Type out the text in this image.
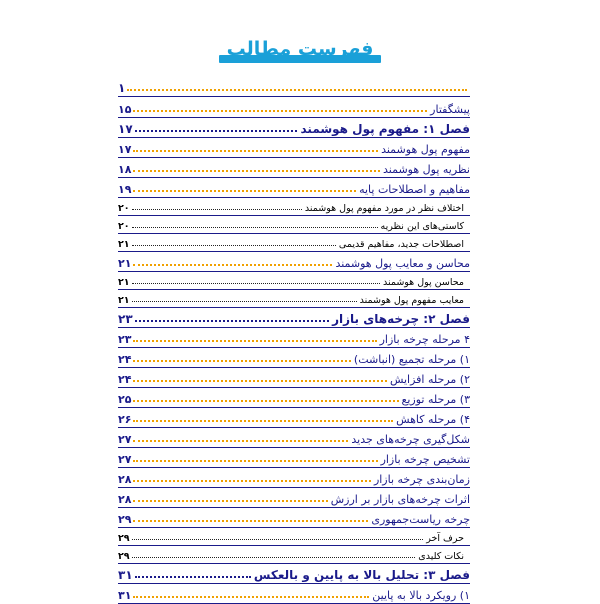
فهرست مطالب
۱
پیشگفتار
۱۵
فصل ۱: مفهوم پول هوشمند
۱۷
مفهوم پول هوشمند
۱۷
نظریه پول هوشمند
۱۸
مفاهیم و اصطلاحات پایه
۱۹
اختلاف نظر در مورد مفهوم پول هوشمند
۲۰
کاستی‌های این نظریه
۲۰
اصطلاحات جدید، مفاهیم قدیمی
۲۱
محاسن و معایب پول هوشمند
۲۱
محاسن پول هوشمند
۲۱
معایب مفهوم پول هوشمند
۲۱
فصل ۲: چرخه‌های بازار
۲۳
۴ مرحله چرخه بازار
۲۳
۱) مرحله تجمیع (انباشت)
۲۴
۲) مرحله افزایش
۲۴
۳) مرحله توزیع
۲۵
۴) مرحله کاهش
۲۶
شکل‌گیری چرخه‌های جدید
۲۷
تشخیص چرخه بازار
۲۷
زمان‌بندی چرخه بازار
۲۸
اثرات چرخه‌های بازار بر ارزش
۲۸
چرخه ریاست‌جمهوری
۲۹
حرف آخر
۲۹
نکات کلیدی
۲۹
فصل ۳: تحلیل بالا به پایین و بالعکس
۳۱
۱) رویکرد بالا به پایین
۳۱
